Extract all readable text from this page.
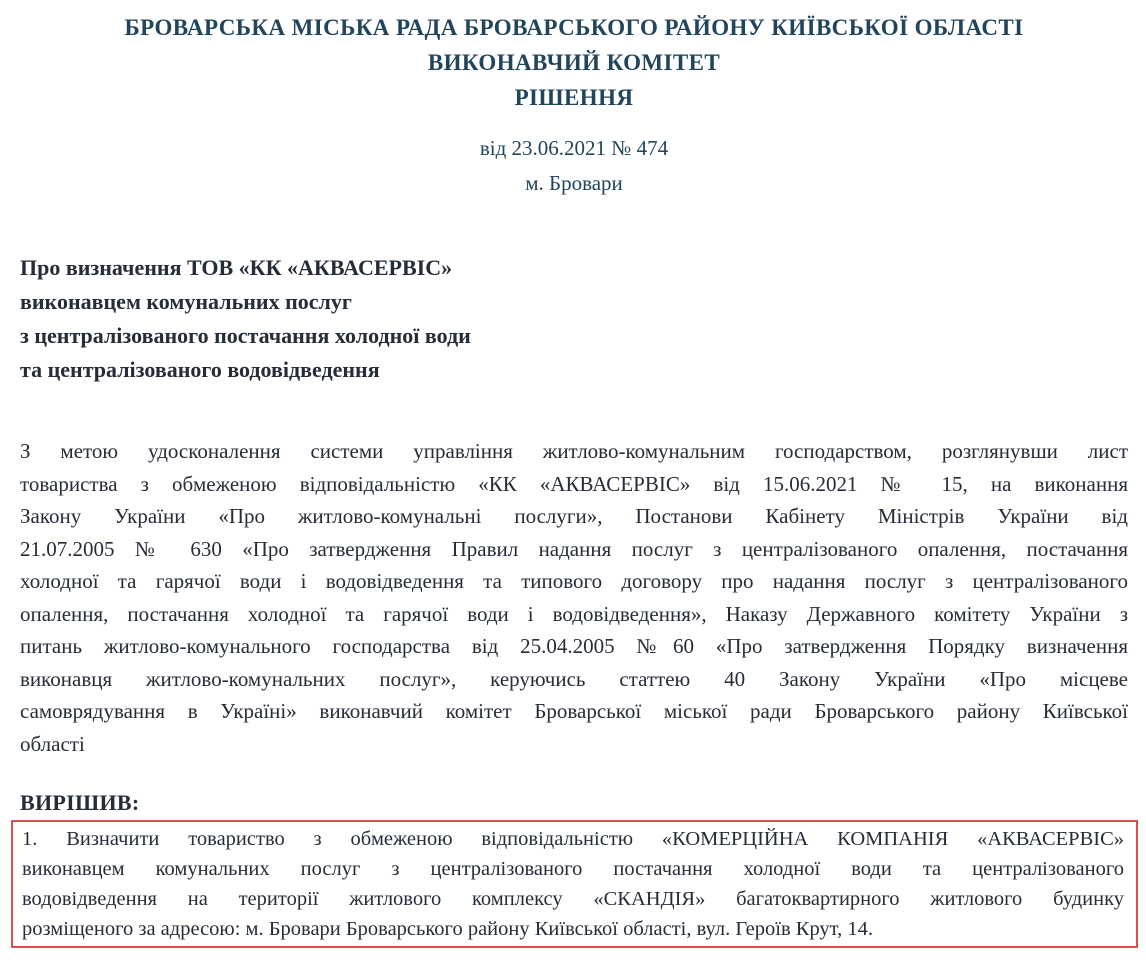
БРОВАРСЬКА МІСЬКА РАДА БРОВАРСЬКОГО РАЙОНУ КИЇВСЬКОЇ ОБЛАСТІ
ВИКОНАВЧИЙ КОМІТЕТ
РІШЕННЯ
від 23.06.2021 № 474
м. Бровари
Про визначення ТОВ «КК «АКВАСЕРВІС»
виконавцем комунальних послуг
з централізованого постачання холодної води
та централізованого водовідведення
З метою удосконалення системи управління житлово-комунальним господарством, розглянувши лист
товариства з обмеженою відповідальністю «КК «АКВАСЕРВІС» від 15.06.2021 № 15, на виконання
Закону України «Про житлово-комунальні послуги», Постанови Кабінету Міністрів України від
21.07.2005 № 630 «Про затвердження Правил надання послуг з централізованого опалення, постачання
холодної та гарячої води і водовідведення та типового договору про надання послуг з централізованого
опалення, постачання холодної та гарячої води і водовідведення», Наказу Державного комітету України з
питань житлово-комунального господарства від 25.04.2005 №60 «Про затвердження Порядку визначення
виконавця житлово-комунальних послуг», керуючись статтею 40 Закону України «Про місцеве
самоврядування в Україні» виконавчий комітет Броварської міської ради Броварського району Київської
області
ВИРІШИВ:
1. Визначити товариство з обмеженою відповідальністю «КОМЕРЦІЙНА КОМПАНІЯ «АКВАСЕРВІС»
виконавцем комунальних послуг з централізованого постачання холодної води та централізованого
водовідведення на території житлового комплексу «СКАНДІЯ» багатоквартирного житлового будинку
розміщеного за адресою: м. Бровари Броварського району Київської області, вул. Героїв Крут, 14.
